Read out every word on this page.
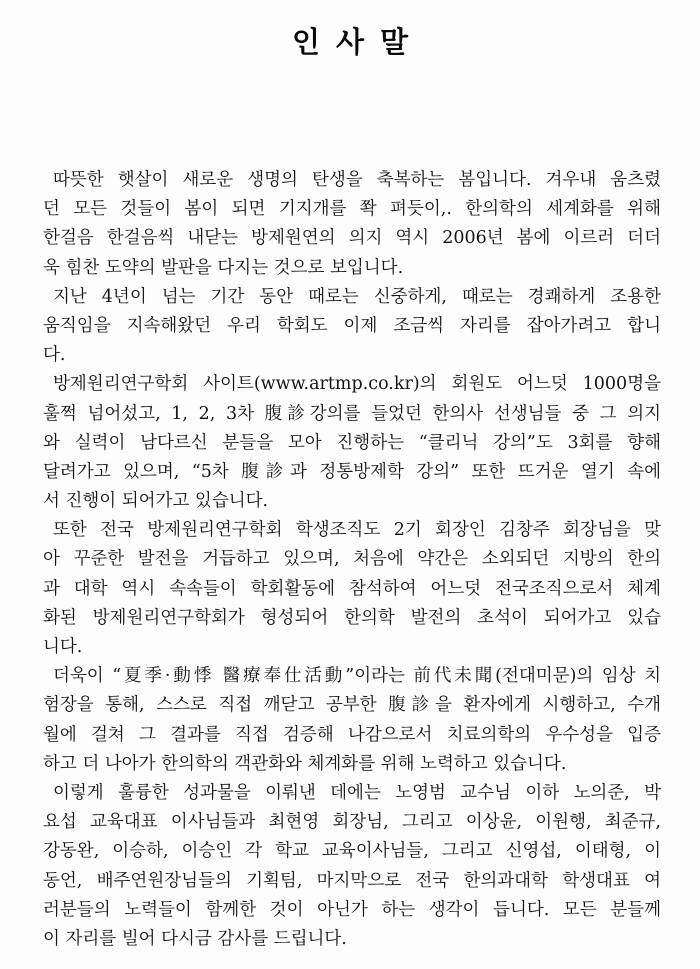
인사말
따뜻한 햇살이 새로운 생명의 탄생을 축복하는 봄입니다. 겨우내 움츠렸
던 모든 것들이 봄이 되면 기지개를 쫙 펴듯이,. 한의학의 세계화를 위해
한걸음 한걸음씩 내닫는 방제원연의 의지 역시 2006년 봄에 이르러 더더
욱 힘찬 도약의 발판을 다지는 것으로 보입니다.
지난 4년이 넘는 기간 동안 때로는 신중하게, 때로는 경쾌하게 조용한
움직임을 지속해왔던 우리 학회도 이제 조금씩 자리를 잡아가려고 합니
다.
방제원리연구학회 사이트(www.artmp.co.kr)의 회원도 어느덧 1000명을
훌쩍 넘어섰고, 1, 2, 3차 腹診강의를 들었던 한의사 선생님들 중 그 의지
와 실력이 남다르신 분들을 모아 진행하는 “클리닉 강의”도 3회를 향해
달려가고 있으며, “5차 腹診과 정통방제학 강의” 또한 뜨거운 열기 속에
서 진행이 되어가고 있습니다.
또한 전국 방제원리연구학회 학생조직도 2기 회장인 김창주 회장님을 맞
아 꾸준한 발전을 거듭하고 있으며, 처음에 약간은 소외되던 지방의 한의
과 대학 역시 속속들이 학회활동에 참석하여 어느덧 전국조직으로서 체계
화된 방제원리연구학회가 형성되어 한의학 발전의 초석이 되어가고 있습
니다.
더욱이 “夏季·動悸 醫療奉仕活動”이라는 前代未聞(전대미문)의 임상 치
험장을 통해, 스스로 직접 깨닫고 공부한 腹診을 환자에게 시행하고, 수개
월에 걸쳐 그 결과를 직접 검증해 나감으로서 치료의학의 우수성을 입증
하고 더 나아가 한의학의 객관화와 체계화를 위해 노력하고 있습니다.
이렇게 훌륭한 성과물을 이뤄낸 데에는 노영범 교수님 이하 노의준, 박
요섭 교육대표 이사님들과 최현영 회장님, 그리고 이상윤, 이원행, 최준규,
강동완, 이승하, 이승인 각 학교 교육이사님들, 그리고 신영섭, 이태형, 이
동언, 배주연원장님들의 기획팀, 마지막으로 전국 한의과대학 학생대표 여
러분들의 노력들이 함께한 것이 아닌가 하는 생각이 듭니다. 모든 분들께
이 자리를 빌어 다시금 감사를 드립니다.
